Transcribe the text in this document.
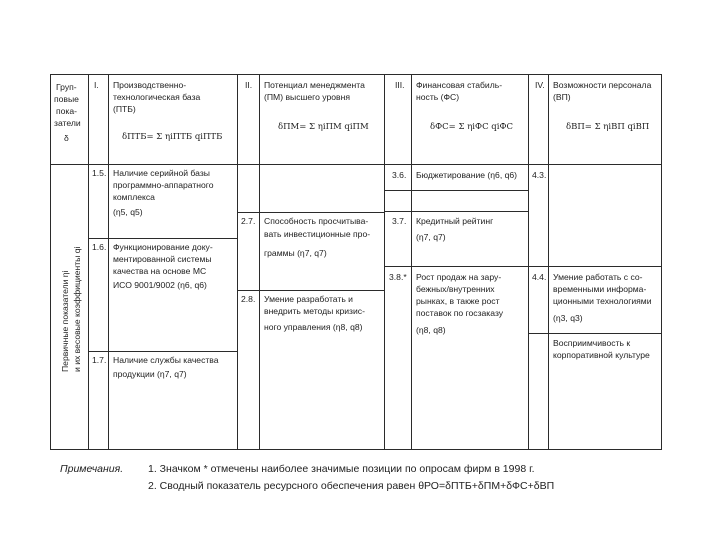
Груп-
повые
пока-
затели
δ
I. Производственно-
технологическая база
(ПТБ)
δПТБ= Σ ηiПТБ qiПТБ
II. Потенциал менеджмента
(ПМ) высшего уровня
δПМ= Σ ηiПМ qiПМ
III. Финансовая стабиль-
ность (ФС)
δФС= Σ ηiФС qiФС
IV. Возможности персонала
(ВП)
δВП= Σ ηiВП qiВП
Первичные показатели ηi и их весовые коэффициенты qi
1.5. Наличие серийной базы
программно-аппаратного
комплекса
(η5, q5)
1.6. Функционирование доку-
ментированной системы
качества на основе МС
ИСО 9001/9002 (η6, q6)
1.7. Наличие службы качества
продукции (η7, q7)
2.7. Способность просчитыва-
вать инвестиционные про-
граммы (η7, q7)
2.8. Умение разработать и
внедрить методы кризис-
ного управления (η8, q8)
3.6. Бюджетирование (η6, q6)
3.7. Кредитный рейтинг
(η7, q7)
3.8.* Рост продаж на зару-
бежных/внутренних
рынках, в также рост
поставок по госзаказу
(η8, q8)
4.3.
4.4. Умение работать с со-
временными информа-
ционными технологиями
(η3, q3)
Восприимчивость к
корпоративной культуре
Примечания. 1. Значком * отмечены наиболее значимые позиции по опросам фирм в 1998 г.
2. Сводный показатель ресурсного обеспечения равен θРО=δПТБ+δПМ+δФС+δВП
